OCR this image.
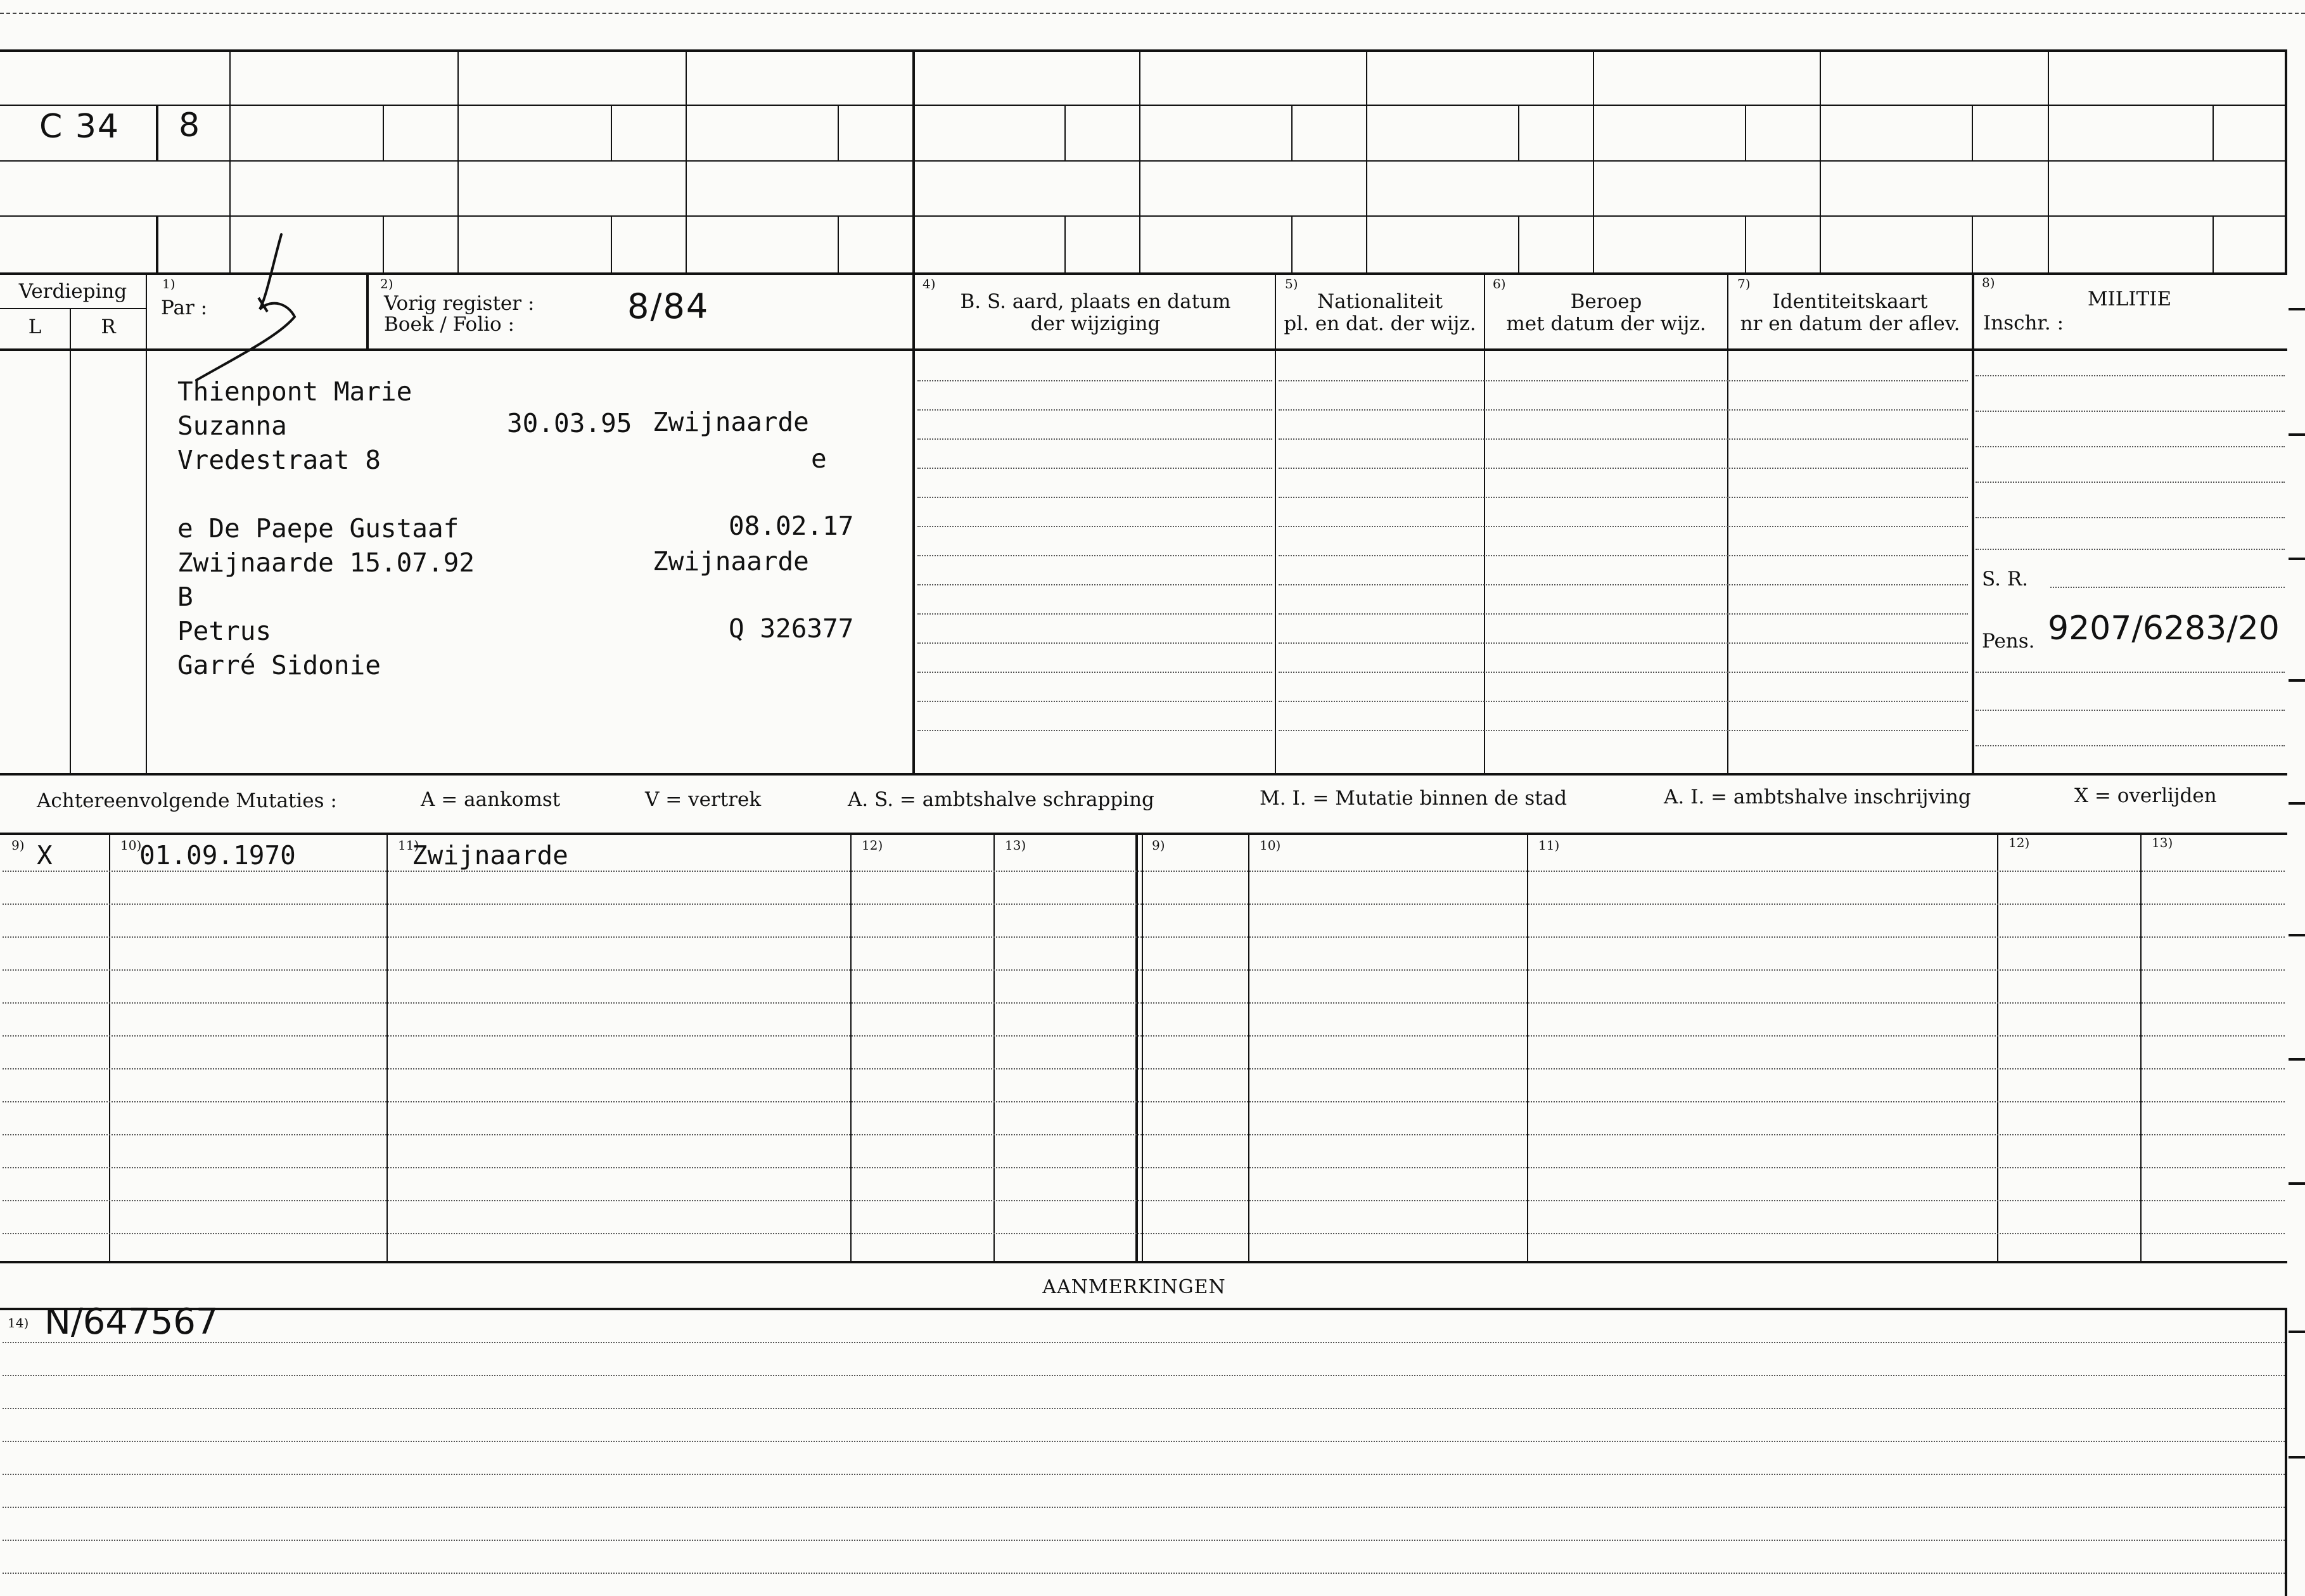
C 34 8
Verdieping
L	R
1)
Par :
2)
Vorig register :
Boek / Folio :	8/84
4)
B. S. aard, plaats en datum
der wijziging
5)
Nationaliteit
pl. en dat. der wijz.
6)
Beroep
met datum der wijz.
7)
Identiteitskaart
nr en datum der aflev.
8)
MILITIE
Inschr. :
Thienpont Marie
Suzanna	30.03.95 Zwijnaarde
Vredestraat 8	e
e De Paepe Gustaaf	08.02.17
Zwijnaarde 15.07.92	Zwijnaarde
B
Petrus	Q 326377
Garré Sidonie
S. R.
Pens. 9207/6283/20
Achtereenvolgende Mutaties :	A = aankomst	V = vertrek	A. S. = ambtshalve schrapping	M. I. = Mutatie binnen de stad	A. I. = ambtshalve inschrijving	X = overlijden
9)	10)	11)	12)	13)	9)	10)	11)	12)	13)
X	01.09.1970	Zwijnaarde
AANMERKINGEN
14) N/647567
